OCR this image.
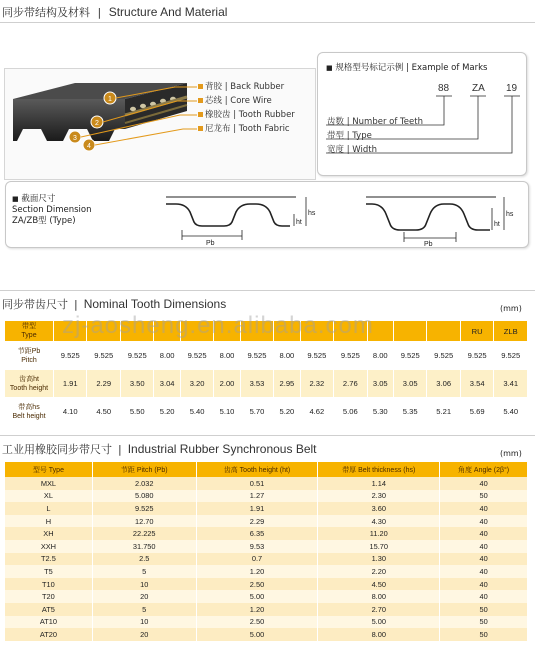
同步带结构及材料 | Structure And Material
1
2
3
4
背胶 | Back Rubber
芯线 | Core Wire
橡胶齿 | Tooth Rubber
尼龙布 | Tooth Fabric
■ 规格型号标记示例 | Example of Marks
88 ZA 19
齿数 | Number of Teeth
带型 | Type
宽度 | Width
■ 截面尺寸
Section Dimension
ZA/ZB型 (Type)
Pb	Pb
hs
ht
hs
ht
同步带齿尺寸 | Nominal Tooth Dimensions	(mm)
带型
Type														RU	ZLB
节距Pb
Pitch	9.525	9.525	9.525	8.00	9.525	8.00	9.525	8.00	9.525	9.525	8.00	9.525	9.525	9.525	9.525
齿高ht
Tooth height	1.91	2.29	3.50	3.04	3.20	2.00	3.53	2.95	2.32	2.76	3.05	3.05	3.06	3.54	3.41
带高hs
Belt height	4.10	4.50	5.50	5.20	5.40	5.10	5.70	5.20	4.62	5.06	5.30	5.35	5.21	5.69	5.40
zj-aosheng.en.alibaba.com
工业用橡胶同步带尺寸 | Industrial Rubber Synchronous Belt	(mm)
型号 Type	节距 Pitch (Pb)	齿高 Tooth height (ht)	带厚 Belt thickness (hs)	角度 Angle (2β°)
MXL	2.032	0.51	1.14	40
XL	5.080	1.27	2.30	50
L	9.525	1.91	3.60	40
H	12.70	2.29	4.30	40
XH	22.225	6.35	11.20	40
XXH	31.750	9.53	15.70	40
T2.5	2.5	0.7	1.30	40
T5	5	1.20	2.20	40
T10	10	2.50	4.50	40
T20	20	5.00	8.00	40
AT5	5	1.20	2.70	50
AT10	10	2.50	5.00	50
AT20	20	5.00	8.00	50
